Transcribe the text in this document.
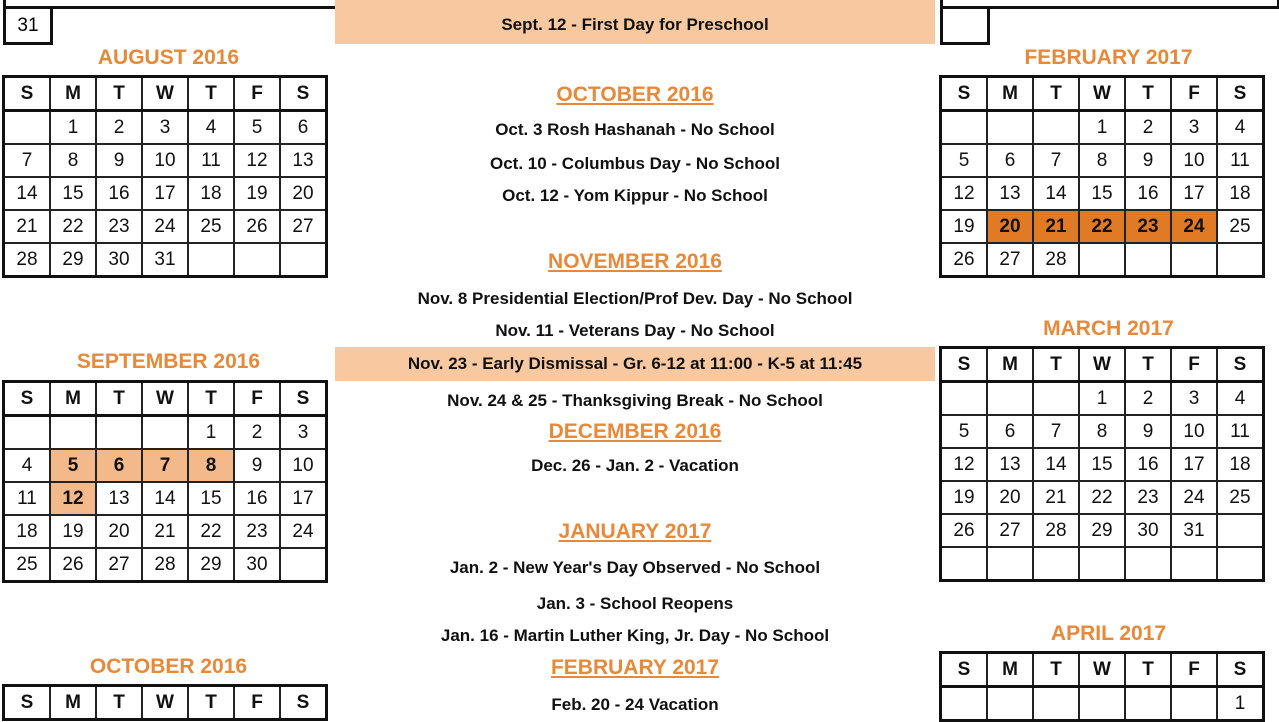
31	Sept. 12 - First Day for Preschool
AUGUST 2016
SEPTEMBER 2016
OCTOBER 2016
FEBRUARY 2017
MARCH 2017
APRIL 2017
S	M	T	W	T	F	S
	1	2	3	4	5	6
7	8	9	10	11	12	13
14	15	16	17	18	19	20
21	22	23	24	25	26	27
28	29	30	31			
S	M	T	W	T	F	S
				1	2	3
4	5	6	7	8	9	10
11	12	13	14	15	16	17
18	19	20	21	22	23	24
25	26	27	28	29	30	
S	M	T	W	T	F	S
S	M	T	W	T	F	S
			1	2	3	4
5	6	7	8	9	10	11
12	13	14	15	16	17	18
19	20	21	22	23	24	25
26	27	28				
S	M	T	W	T	F	S
			1	2	3	4
5	6	7	8	9	10	11
12	13	14	15	16	17	18
19	20	21	22	23	24	25
26	27	28	29	30	31	

S	M	T	W	T	F	S
						1
OCTOBER 2016
Oct. 3 Rosh Hashanah - No School
Oct. 10 - Columbus Day - No School
Oct. 12 - Yom Kippur - No School
NOVEMBER 2016
Nov. 8 Presidential Election/Prof Dev. Day - No School
Nov. 11 - Veterans Day - No School
Nov. 23 - Early Dismissal - Gr. 6-12 at 11:00 - K-5 at 11:45
Nov. 24 & 25 - Thanksgiving Break - No School
DECEMBER 2016
Dec. 26 - Jan. 2 - Vacation
JANUARY 2017
Jan. 2 - New Year's Day Observed - No School
Jan. 3 - School Reopens
Jan. 16 - Martin Luther King, Jr. Day - No School
FEBRUARY 2017
Feb. 20 - 24 Vacation
